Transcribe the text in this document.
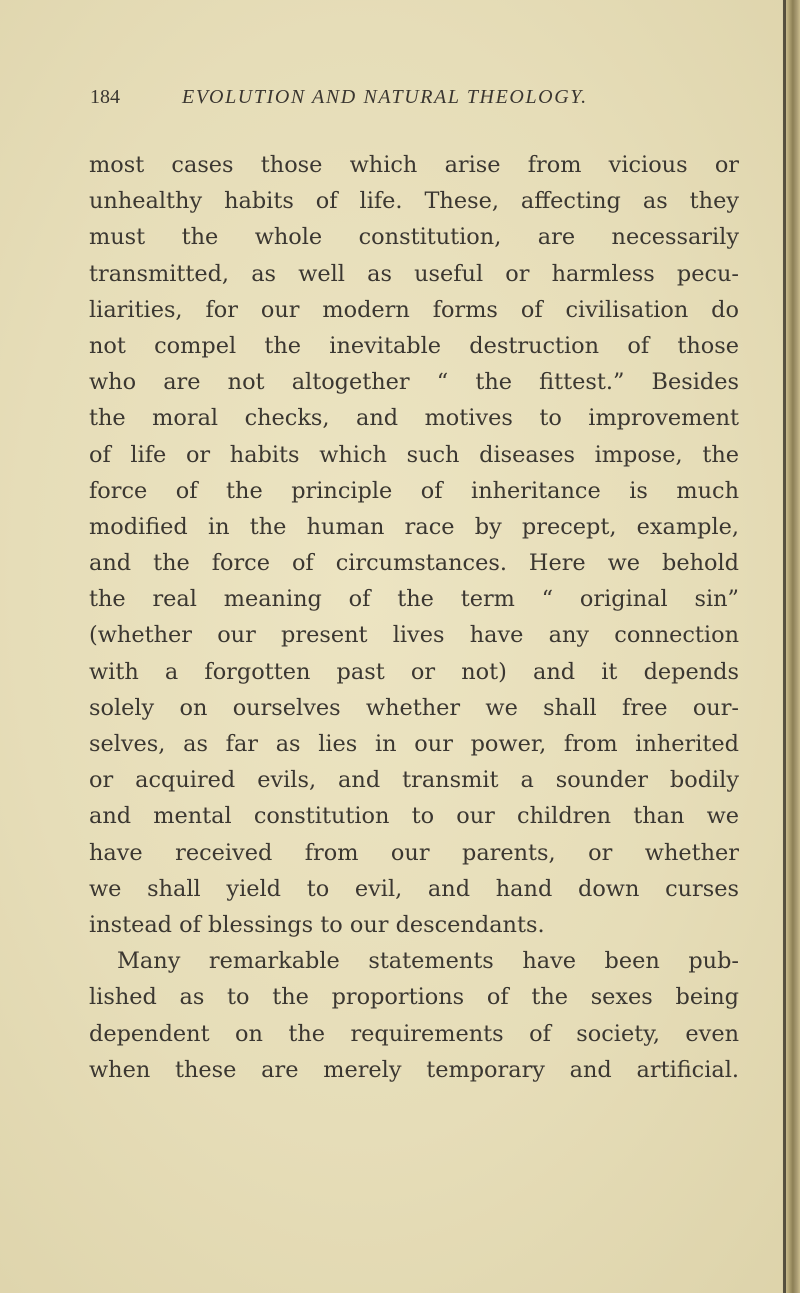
184	EVOLUTION AND NATURAL THEOLOGY.
most cases those which arise from vicious or
unhealthy habits of life. These, affecting as they
must the whole constitution, are necessarily
transmitted, as well as useful or harmless pecu-
liarities, for our modern forms of civilisation do
not compel the inevitable destruction of those
who are not altogether “ the fittest.” Besides
the moral checks, and motives to improvement
of life or habits which such diseases impose, the
force of the principle of inheritance is much
modified in the human race by precept, example,
and the force of circumstances. Here we behold
the real meaning of the term “ original sin”
(whether our present lives have any connection
with a forgotten past or not) and it depends
solely on ourselves whether we shall free our-
selves, as far as lies in our power, from inherited
or acquired evils, and transmit a sounder bodily
and mental constitution to our children than we
have received from our parents, or whether
we shall yield to evil, and hand down curses
instead of blessings to our descendants.
Many remarkable statements have been pub-
lished as to the proportions of the sexes being
dependent on the requirements of society, even
when these are merely temporary and artificial.
